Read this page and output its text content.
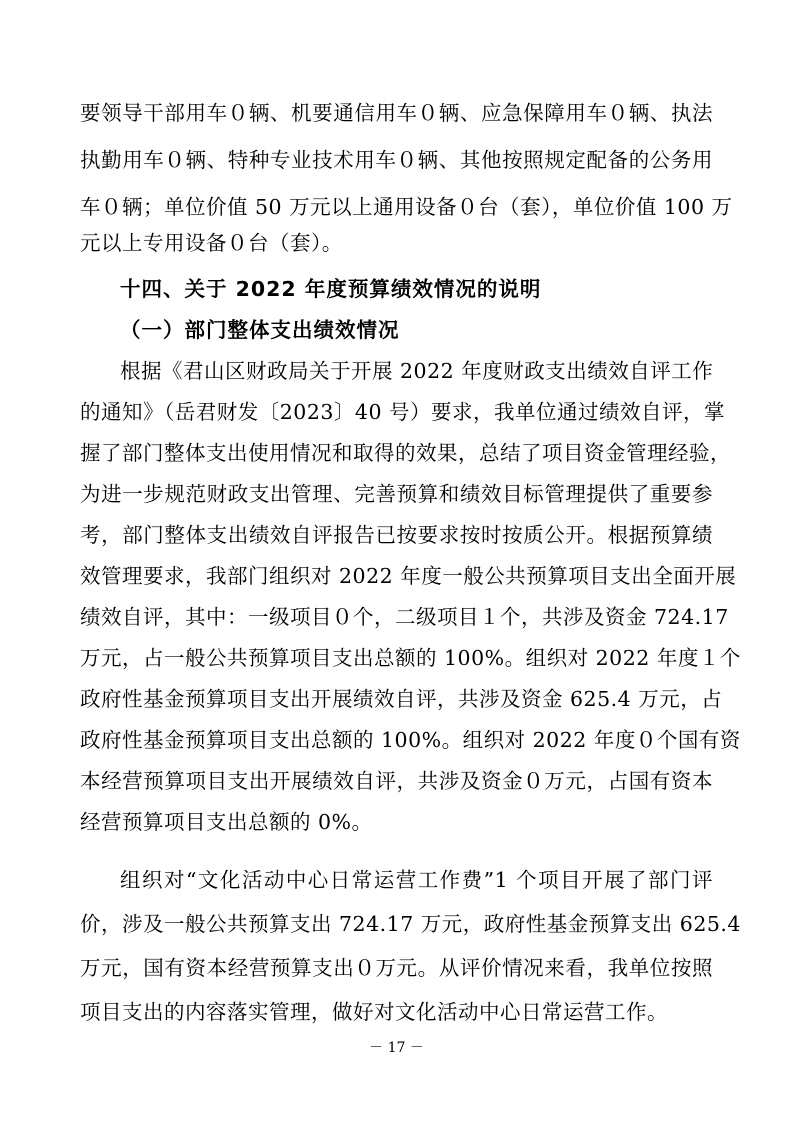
要领导干部用车０辆、机要通信用车０辆、应急保障用车０辆、执法
执勤用车０辆、特种专业技术用车０辆、其他按照规定配备的公务用
车０辆；单位价值 50 万元以上通用设备０台（套），单位价值 100 万
元以上专用设备０台（套）。
十四、关于 2022 年度预算绩效情况的说明
（一）部门整体支出绩效情况
根据《君山区财政局关于开展 2022 年度财政支出绩效自评工作
的通知》（岳君财发〔2023〕40 号）要求，我单位通过绩效自评，掌
握了部门整体支出使用情况和取得的效果，总结了项目资金管理经验，
为进一步规范财政支出管理、完善预算和绩效目标管理提供了重要参
考，部门整体支出绩效自评报告已按要求按时按质公开。根据预算绩
效管理要求，我部门组织对 2022 年度一般公共预算项目支出全面开展
绩效自评，其中：一级项目０个，二级项目１个，共涉及资金 724.17
万元，占一般公共预算项目支出总额的 100%。组织对 2022 年度１个
政府性基金预算项目支出开展绩效自评，共涉及资金 625.4 万元，占
政府性基金预算项目支出总额的 100%。组织对 2022 年度０个国有资
本经营预算项目支出开展绩效自评，共涉及资金０万元，占国有资本
经营预算项目支出总额的 0%。
组织对“文化活动中心日常运营工作费”1 个项目开展了部门评
价，涉及一般公共预算支出 724.17 万元，政府性基金预算支出 625.4
万元，国有资本经营预算支出０万元。从评价情况来看，我单位按照
项目支出的内容落实管理，做好对文化活动中心日常运营工作。
－ 17 －
